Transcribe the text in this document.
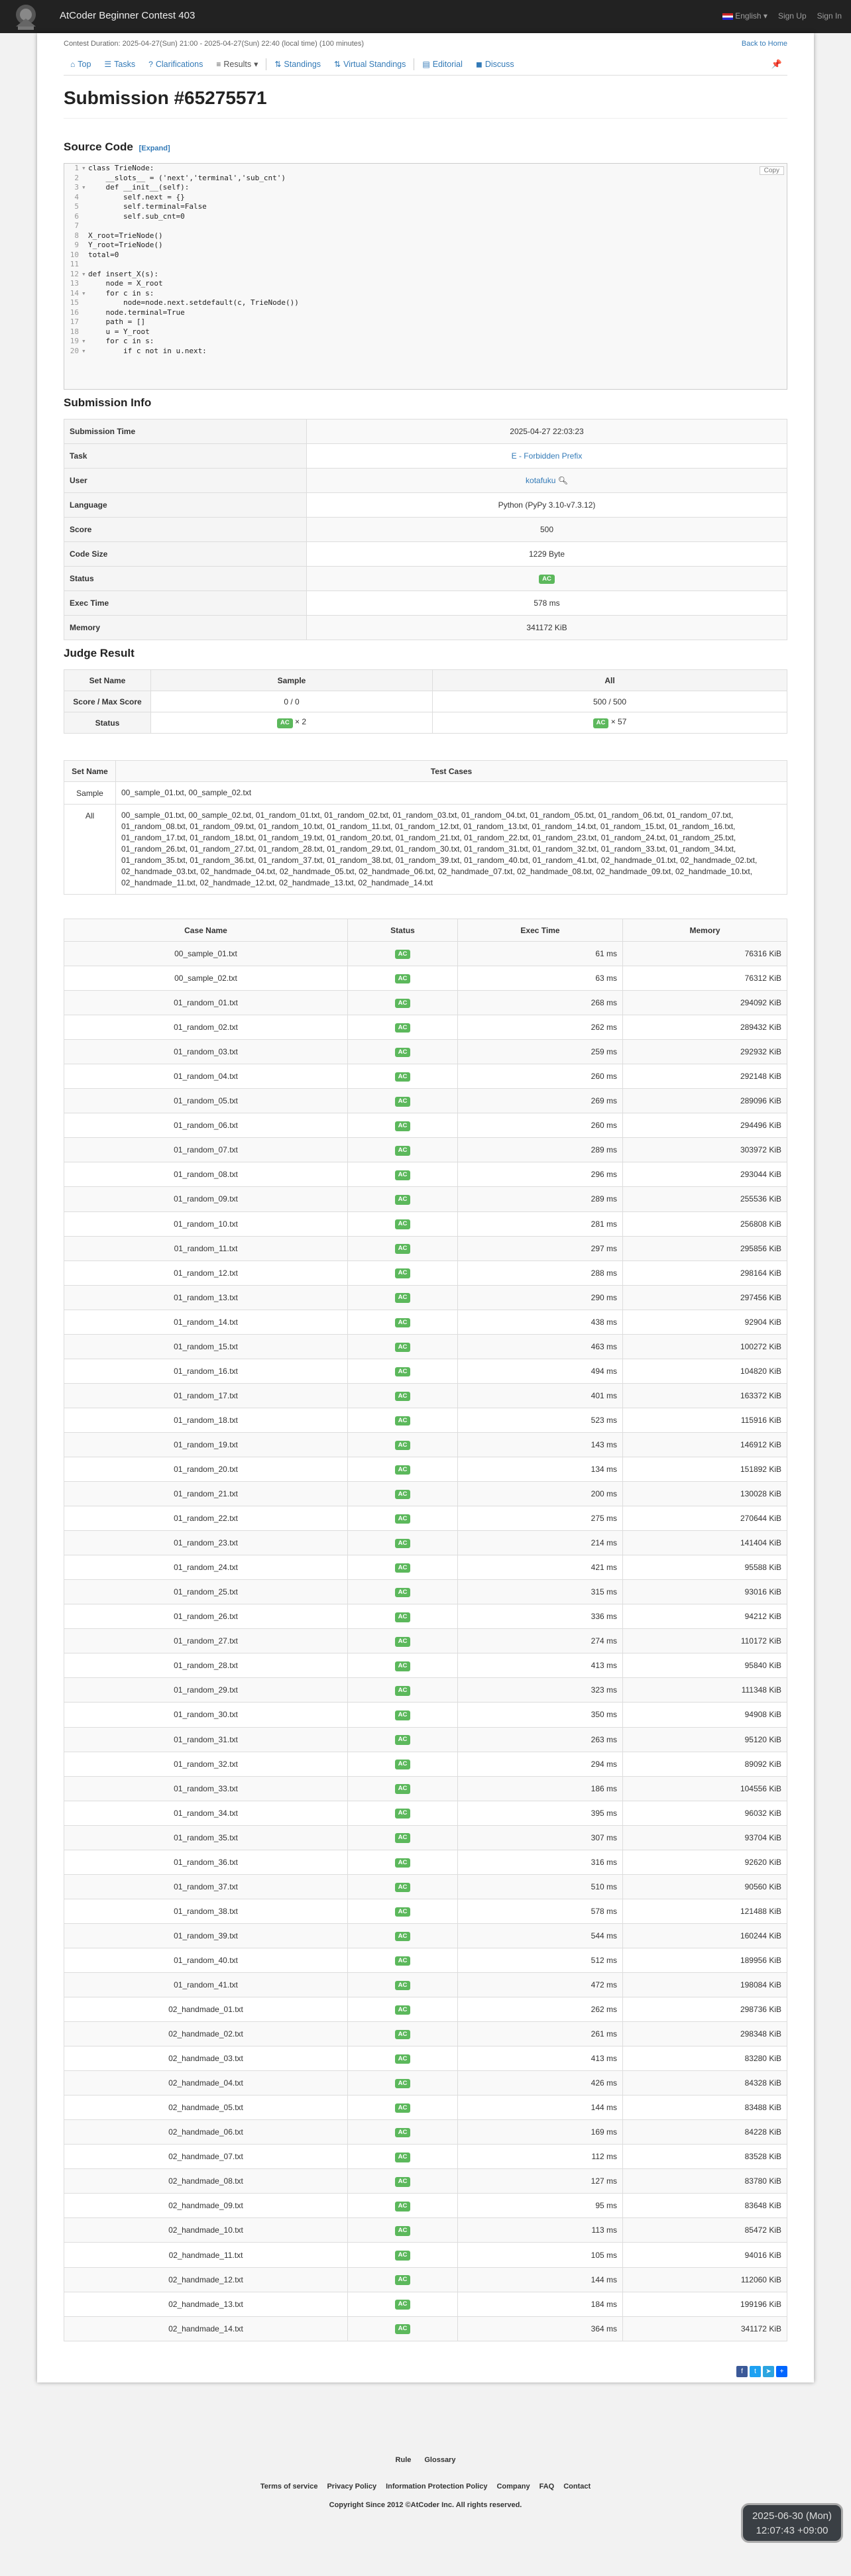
AtCoder Beginner Contest 403	English ▾ Sign Up Sign In
Contest Duration: 2025-04-27(Sun) 21:00 - 2025-04-27(Sun) 22:40 (local time) (100 minutes)	Back to Home
⌂ Top ☰ Tasks ? Clarifications ≡ Results ▾	⇅ Standings ⇅ Virtual Standings ▤ Editorial ◼ Discuss	📌
Submission #65275571
Source Code [Expand]
Copy
1 ▾ class TrieNode:
2	__slots__ = ('next','terminal','sub_cnt')
3 ▾ def __init__(self):
4	self.next = {}
5	self.terminal=False
6	self.sub_cnt=0
7
8	X_root=TrieNode()
9	Y_root=TrieNode()
10	total=0
11
12 ▾ def insert_X(s):
13	node = X_root
14 ▾ for c in s:
15	node=node.next.setdefault(c, TrieNode())
16	node.terminal=True
17	path = []
18	u = Y_root
19 ▾ for c in s:
20 ▾ if c not in u.next:
Submission Info
Submission Time	2025-04-27 22:03:23
Task	E - Forbidden Prefix
User	kotafuku 🔍︎
Language	Python (PyPy 3.10-v7.3.12)
Score	500
Code Size	1229 Byte
Status	AC
Exec Time	578 ms
Memory	341172 KiB
Judge Result
Set Name	Sample	All
Score / Max Score	0 / 0	500 / 500
Status	AC × 2	AC × 57
Set Name	Test Cases
Sample	00_sample_01.txt, 00_sample_02.txt
All	00_sample_01.txt, 00_sample_02.txt, 01_random_01.txt, 01_random_02.txt, 01_random_03.txt, 01_random_04.txt, 01_random_05.txt, 01_random_06.txt, 01_random_07.txt, 01_random_08.txt, 01_random_09.txt, 01_random_10.txt, 01_random_11.txt, 01_random_12.txt, 01_random_13.txt, 01_random_14.txt, 01_random_15.txt, 01_random_16.txt, 01_random_17.txt, 01_random_18.txt, 01_random_19.txt, 01_random_20.txt, 01_random_21.txt, 01_random_22.txt, 01_random_23.txt, 01_random_24.txt, 01_random_25.txt, 01_random_26.txt, 01_random_27.txt, 01_random_28.txt, 01_random_29.txt, 01_random_30.txt, 01_random_31.txt, 01_random_32.txt, 01_random_33.txt, 01_random_34.txt, 01_random_35.txt, 01_random_36.txt, 01_random_37.txt, 01_random_38.txt, 01_random_39.txt, 01_random_40.txt, 01_random_41.txt, 02_handmade_01.txt, 02_handmade_02.txt, 02_handmade_03.txt, 02_handmade_04.txt, 02_handmade_05.txt, 02_handmade_06.txt, 02_handmade_07.txt, 02_handmade_08.txt, 02_handmade_09.txt, 02_handmade_10.txt, 02_handmade_11.txt, 02_handmade_12.txt, 02_handmade_13.txt, 02_handmade_14.txt
Case Name	Status	Exec Time	Memory
00_sample_01.txt	AC	61 ms	76316 KiB
00_sample_02.txt	AC	63 ms	76312 KiB
01_random_01.txt	AC	268 ms	294092 KiB
01_random_02.txt	AC	262 ms	289432 KiB
01_random_03.txt	AC	259 ms	292932 KiB
01_random_04.txt	AC	260 ms	292148 KiB
01_random_05.txt	AC	269 ms	289096 KiB
01_random_06.txt	AC	260 ms	294496 KiB
01_random_07.txt	AC	289 ms	303972 KiB
01_random_08.txt	AC	296 ms	293044 KiB
01_random_09.txt	AC	289 ms	255536 KiB
01_random_10.txt	AC	281 ms	256808 KiB
01_random_11.txt	AC	297 ms	295856 KiB
01_random_12.txt	AC	288 ms	298164 KiB
01_random_13.txt	AC	290 ms	297456 KiB
01_random_14.txt	AC	438 ms	92904 KiB
01_random_15.txt	AC	463 ms	100272 KiB
01_random_16.txt	AC	494 ms	104820 KiB
01_random_17.txt	AC	401 ms	163372 KiB
01_random_18.txt	AC	523 ms	115916 KiB
01_random_19.txt	AC	143 ms	146912 KiB
01_random_20.txt	AC	134 ms	151892 KiB
01_random_21.txt	AC	200 ms	130028 KiB
01_random_22.txt	AC	275 ms	270644 KiB
01_random_23.txt	AC	214 ms	141404 KiB
01_random_24.txt	AC	421 ms	95588 KiB
01_random_25.txt	AC	315 ms	93016 KiB
01_random_26.txt	AC	336 ms	94212 KiB
01_random_27.txt	AC	274 ms	110172 KiB
01_random_28.txt	AC	413 ms	95840 KiB
01_random_29.txt	AC	323 ms	111348 KiB
01_random_30.txt	AC	350 ms	94908 KiB
01_random_31.txt	AC	263 ms	95120 KiB
01_random_32.txt	AC	294 ms	89092 KiB
01_random_33.txt	AC	186 ms	104556 KiB
01_random_34.txt	AC	395 ms	96032 KiB
01_random_35.txt	AC	307 ms	93704 KiB
01_random_36.txt	AC	316 ms	92620 KiB
01_random_37.txt	AC	510 ms	90560 KiB
01_random_38.txt	AC	578 ms	121488 KiB
01_random_39.txt	AC	544 ms	160244 KiB
01_random_40.txt	AC	512 ms	189956 KiB
01_random_41.txt	AC	472 ms	198084 KiB
02_handmade_01.txt	AC	262 ms	298736 KiB
02_handmade_02.txt	AC	261 ms	298348 KiB
02_handmade_03.txt	AC	413 ms	83280 KiB
02_handmade_04.txt	AC	426 ms	84328 KiB
02_handmade_05.txt	AC	144 ms	83488 KiB
02_handmade_06.txt	AC	169 ms	84228 KiB
02_handmade_07.txt	AC	112 ms	83528 KiB
02_handmade_08.txt	AC	127 ms	83780 KiB
02_handmade_09.txt	AC	95 ms	83648 KiB
02_handmade_10.txt	AC	113 ms	85472 KiB
02_handmade_11.txt	AC	105 ms	94016 KiB
02_handmade_12.txt	AC	144 ms	112060 KiB
02_handmade_13.txt	AC	184 ms	199196 KiB
02_handmade_14.txt	AC	364 ms	341172 KiB
f	t	➤	+
Rule Glossary
Terms of service Privacy Policy Information Protection Policy Company FAQ Contact
Copyright Since 2012 ©AtCoder Inc. All rights reserved.
2025-06-30 (Mon)
12:07:43 +09:00
